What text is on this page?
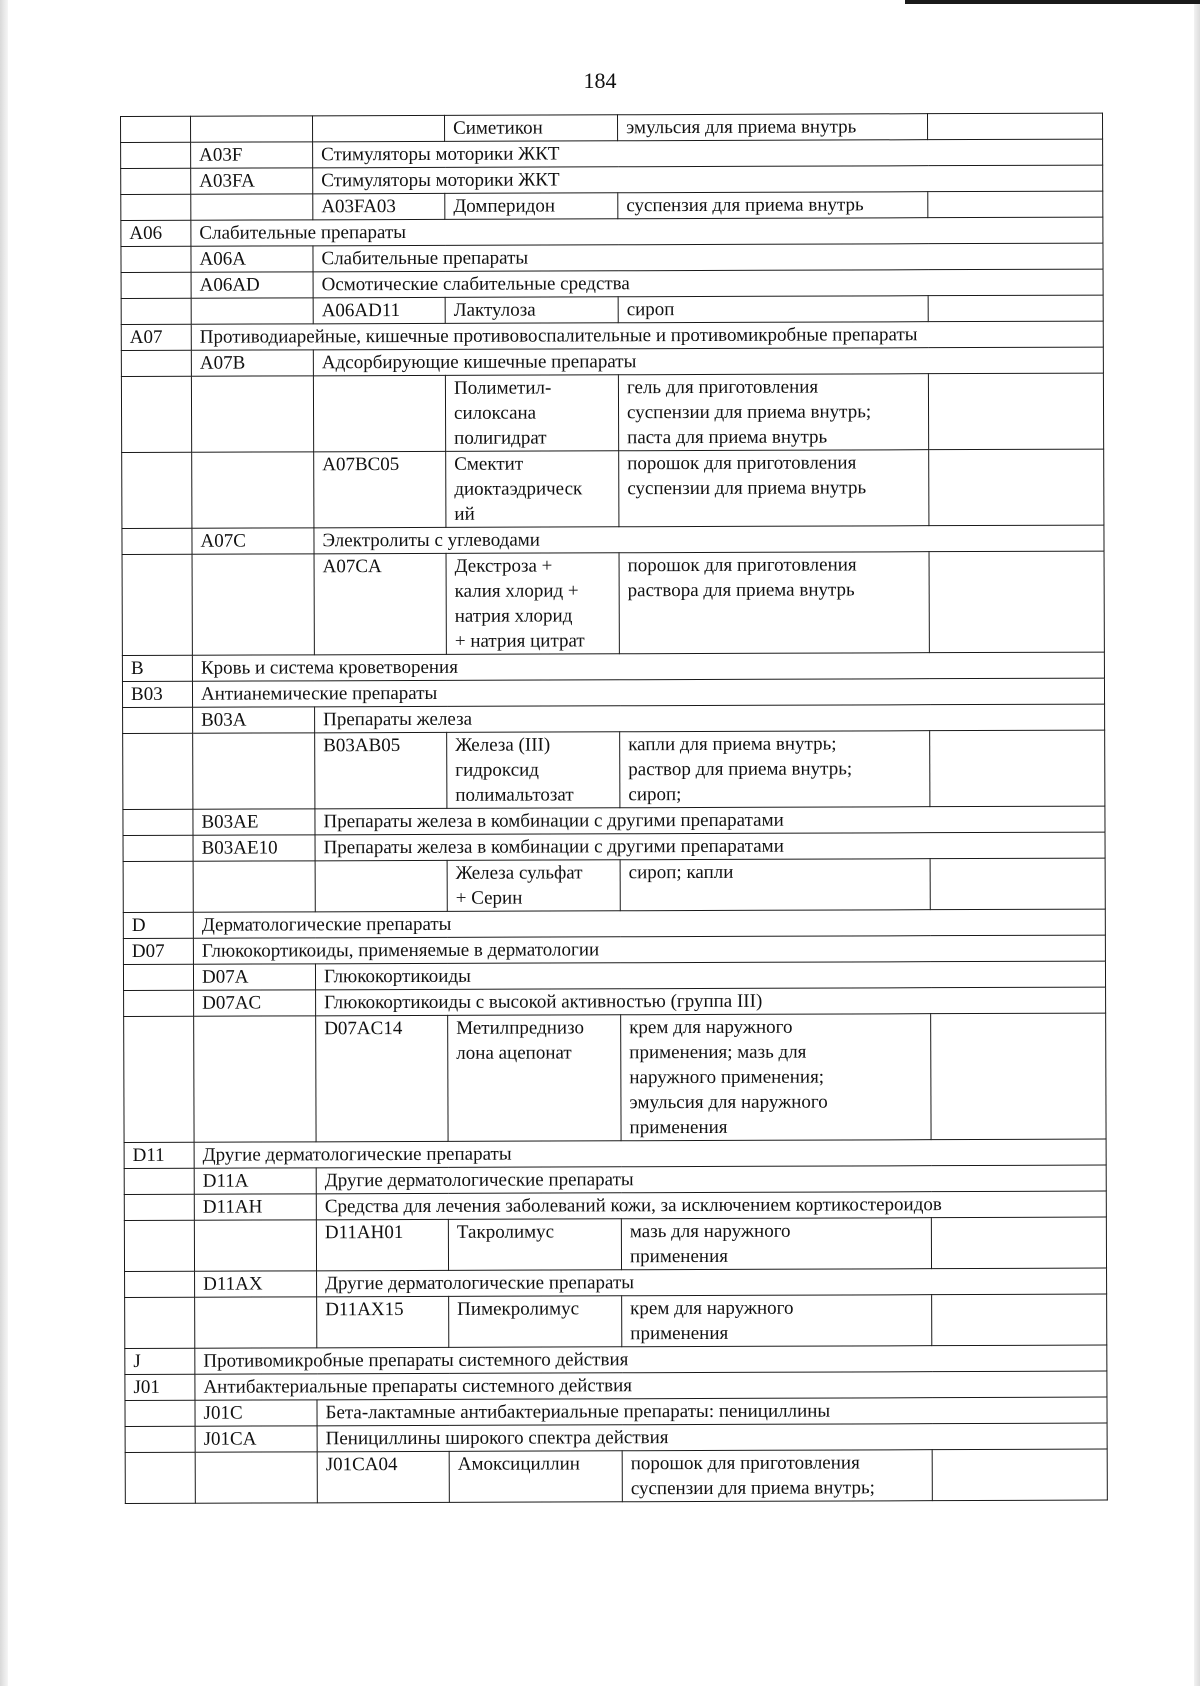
184
			Симетикон	эмульсия для приема внутрь	
	A03F	Стимуляторы моторики ЖКТ			
	A03FA	Стимуляторы моторики ЖКТ			
		A03FA03	Домперидон	суспензия для приема внутрь	
A06	Слабительные препараты				
	A06A	Слабительные препараты			
	A06AD	Осмотические слабительные средства			
		A06AD11	Лактулоза	сироп	
A07	Противодиарейные, кишечные противовоспалительные и противомикробные препараты				
	A07B	Адсорбирующие кишечные препараты			
			Полиметил-
силоксана
полигидрат	гель для приготовления
суспензии для приема внутрь;
паста для приема внутрь	
		A07BC05	Смектит
диоктаэдрическ
ий	порошок для приготовления
суспензии для приема внутрь	
	A07C	Электролиты с углеводами			
		A07CA	Декстроза +
калия хлорид +
натрия хлорид
+ натрия цитрат	порошок для приготовления
раствора для приема внутрь	
B	Кровь и система кроветворения				
B03	Антианемические препараты				
	B03A	Препараты железа			
		B03AB05	Железа (III)
гидроксид
полимальтозат	капли для приема внутрь;
раствор для приема внутрь;
сироп;	
	B03AE	Препараты железа в комбинации с другими препаратами			
	B03AE10	Препараты железа в комбинации с другими препаратами			
			Железа сульфат
+ Серин	сироп; капли	
D	Дерматологические препараты				
D07	Глюкокортикоиды, применяемые в дерматологии				
	D07A	Глюкокортикоиды			
	D07AC	Глюкокортикоиды с высокой активностью (группа III)			
		D07AC14	Метилпреднизо
лона ацепонат	крем для наружного
применения; мазь для
наружного применения;
эмульсия для наружного
применения	
D11	Другие дерматологические препараты				
	D11A	Другие дерматологические препараты			
	D11AH	Средства для лечения заболеваний кожи, за исключением кортикостероидов			
		D11AH01	Такролимус	мазь для наружного
применения	
	D11AX	Другие дерматологические препараты			
		D11AX15	Пимекролимус	крем для наружного
применения	
J	Противомикробные препараты системного действия				
J01	Антибактериальные препараты системного действия				
	J01C	Бета-лактамные антибактериальные препараты: пенициллины			
	J01CA	Пенициллины широкого спектра действия			
		J01CA04	Амоксициллин	порошок для приготовления
суспензии для приема внутрь;	
